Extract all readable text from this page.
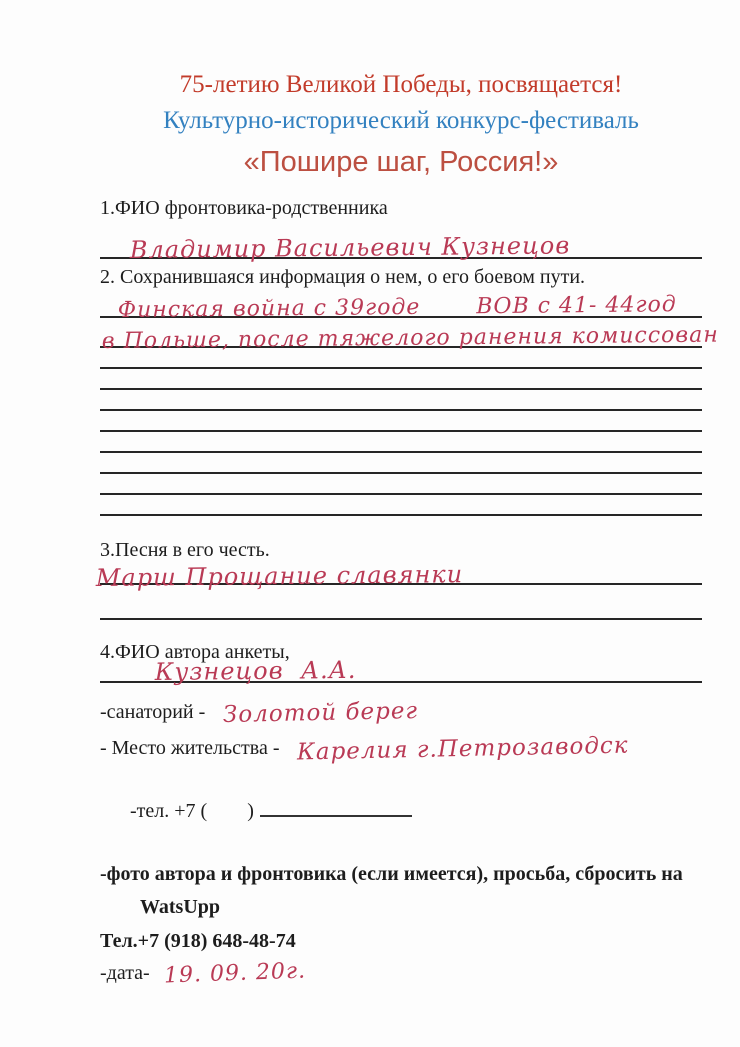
75-летию Великой Победы, посвящается!
Культурно-исторический конкурс-фестиваль
«Пошире шаг, Россия!»
1.ФИО фронтовика-родственника
Владимир Васильевич Кузнецов
2. Сохранившаяся информация о нем, о его боевом пути.
Финская война с 39годе       ВОВ с 41- 44год
в Польше, после тяжелого ранения комиссован
3.Песня в его честь.
Марш Прощание славянки
4.ФИО автора анкеты,
Кузнецов  А.А.
-санаторий - Золотой берег
- Место жительства - Карелия г.Петрозаводск

-тел. +7 (        )

-фото автора и фронтовика (если имеется), просьба, сбросить на
WatsUpp
Тел.+7 (918) 648-48-74
-дата- 19. 09. 20г.
